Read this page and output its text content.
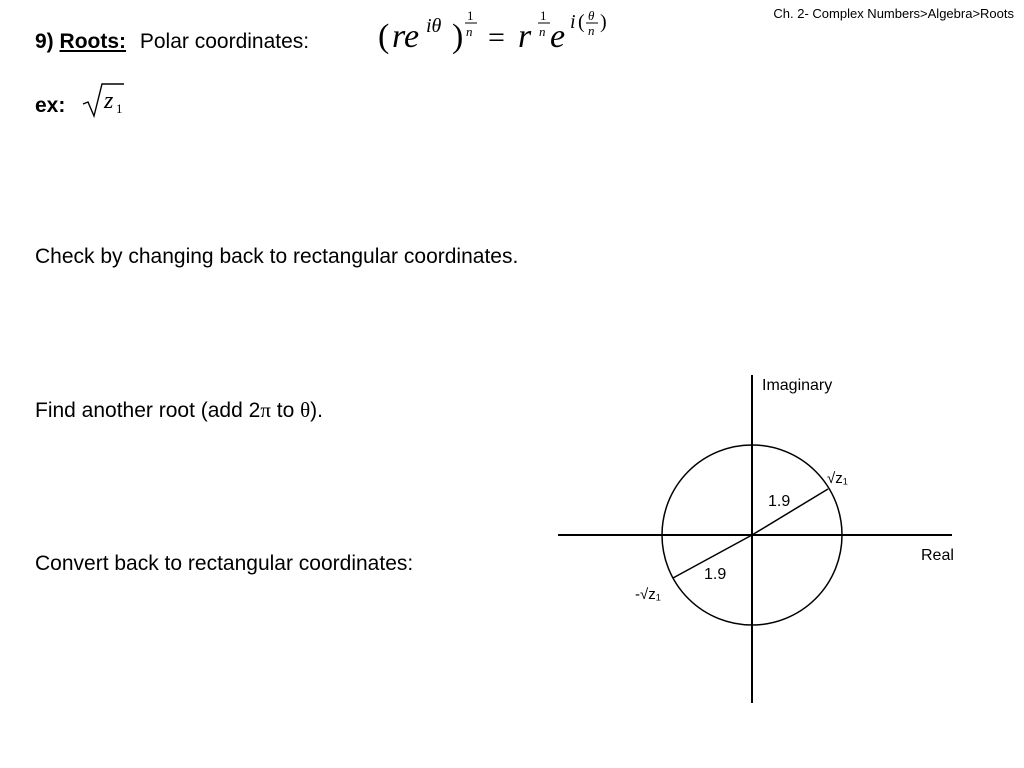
Ch. 2- Complex Numbers>Algebra>Roots
9) Roots: Polar coordinates: ( re iθ )
1
n = r
1
n e i ( θ
n )
ex: z 1
Check by changing back to rectangular coordinates.
Find another root (add 2π to θ).
Convert back to rectangular coordinates:
Imaginary
Real
1.9
1.9
√z₁
-√z₁
